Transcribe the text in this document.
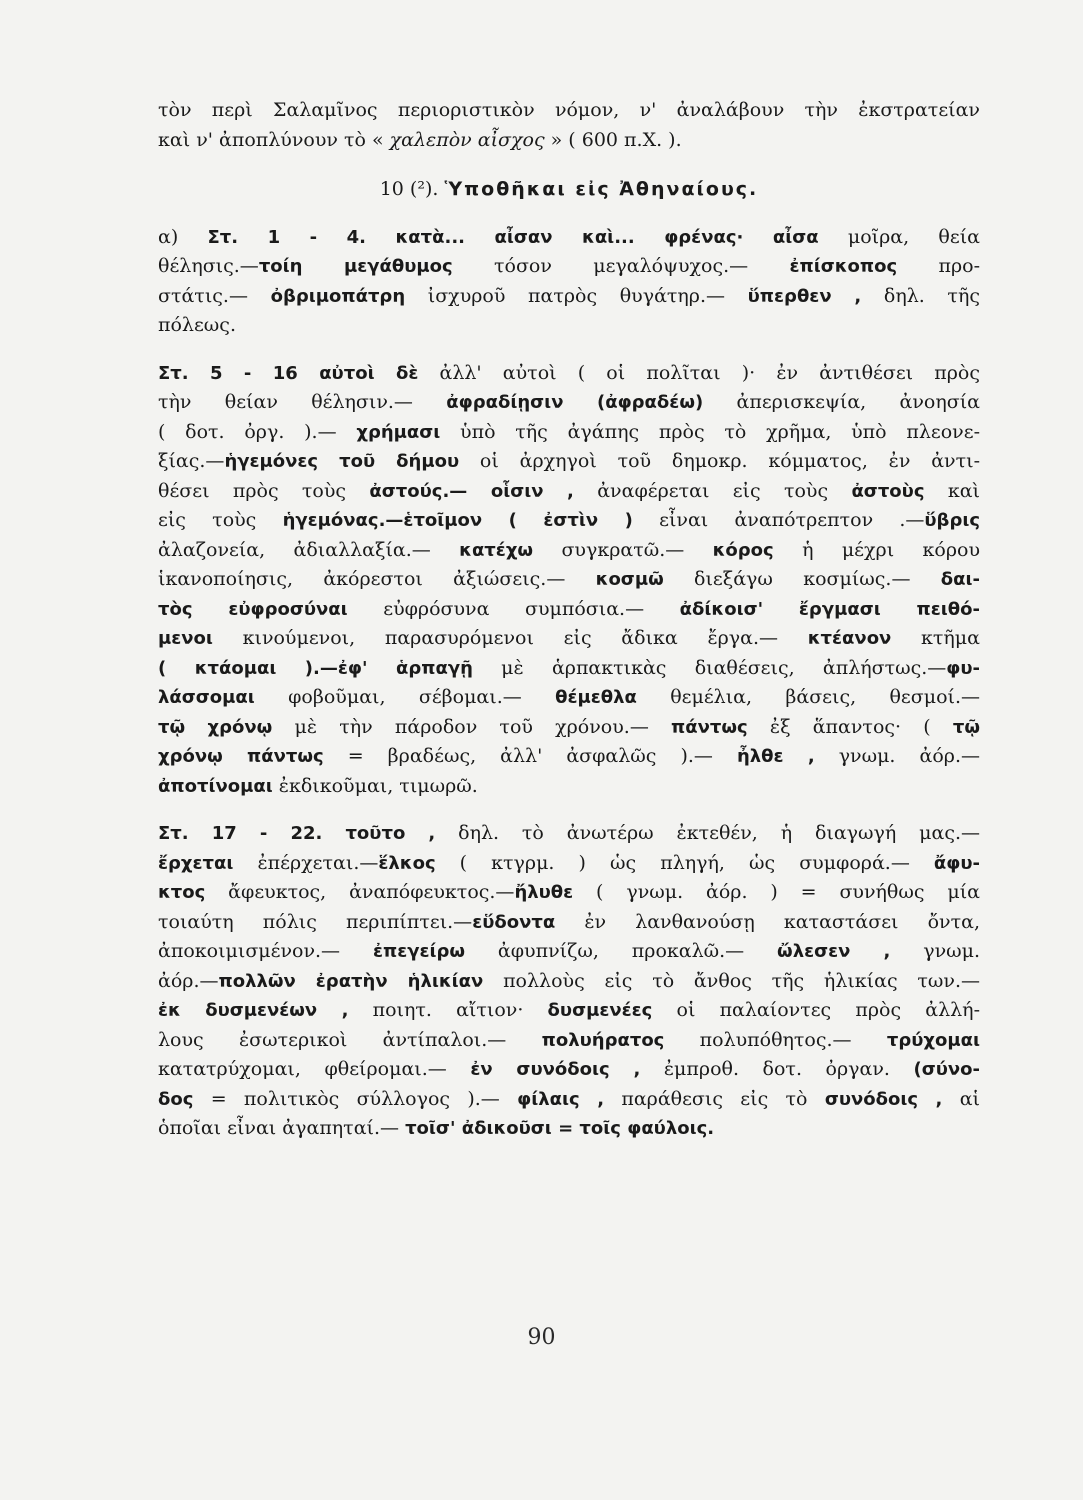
τὸν περὶ Σαλαμῖνος περιοριστικὸν νόμον, ν' ἀναλάβουν τὴν ἐκστρατείαν
καὶ ν' ἀποπλύνουν τὸ « χαλεπὸν αἶσχος » ( 600 π.Χ. ).
10 (²). Ὑποθῆκαι εἰς Ἀθηναίους.
α) Στ. 1 - 4. κατὰ... αἶσαν καὶ... φρένας· αἶσα μοῖρα, θεία
θέλησις.—τοίη μεγάθυμος τόσον μεγαλόψυχος.— ἐπίσκοπος προ-
στάτις.— ὀβριμοπάτρη ἰσχυροῦ πατρὸς θυγάτηρ.— ὕπερθεν , δηλ. τῆς
πόλεως.
Στ. 5 - 16 αὐτοὶ δὲ ἀλλ' αὐτοὶ ( οἱ πολῖται )· ἐν ἀντιθέσει πρὸς
τὴν θείαν θέλησιν.— ἀφραδίῃσιν (ἀφραδέω) ἀπερισκεψία, ἀνοησία
( δοτ. ὀργ. ).— χρήμασι ὑπὸ τῆς ἀγάπης πρὸς τὸ χρῆμα, ὑπὸ πλεονε-
ξίας.—ἡγεμόνες τοῦ δήμου οἱ ἀρχηγοὶ τοῦ δημοκρ. κόμματος, ἐν ἀντι-
θέσει πρὸς τοὺς ἀστούς.— οἷσιν , ἀναφέρεται εἰς τοὺς ἀστοὺς καὶ
εἰς τοὺς ἡγεμόνας.—ἑτοῖμον ( ἐστὶν ) εἶναι ἀναπότρεπτον .—ὕβρις
ἀλαζονεία, ἀδιαλλαξία.— κατέχω συγκρατῶ.— κόρος ἡ μέχρι κόρου
ἱκανοποίησις, ἀκόρεστοι ἀξιώσεις.— κοσμῶ διεξάγω κοσμίως.— δαι-
τὸς εὐφροσύναι εὐφρόσυνα συμπόσια.— ἀδίκοισ' ἔργμασι πειθό-
μενοι κινούμενοι, παρασυρόμενοι εἰς ἄδικα ἔργα.— κτέανον κτῆμα
( κτάομαι ).—ἐφ' ἁρπαγῇ μὲ ἁρπακτικὰς διαθέσεις, ἀπλήστως.—φυ-
λάσσομαι φοβοῦμαι, σέβομαι.— θέμεθλα θεμέλια, βάσεις, θεσμοί.—
τῷ χρόνῳ μὲ τὴν πάροδον τοῦ χρόνου.— πάντως ἐξ ἅπαντος· ( τῷ
χρόνῳ πάντως = βραδέως, ἀλλ' ἀσφαλῶς ).— ἦλθε , γνωμ. ἀόρ.—
ἀποτίνομαι ἐκδικοῦμαι, τιμωρῶ.
Στ. 17 - 22. τοῦτο , δηλ. τὸ ἀνωτέρω ἐκτεθέν, ἡ διαγωγή μας.—
ἔρχεται ἐπέρχεται.—ἕλκος ( κτγρμ. ) ὡς πληγή, ὡς συμφορά.— ἄφυ-
κτος ἄφευκτος, ἀναπόφευκτος.—ἤλυθε ( γνωμ. ἀόρ. ) = συνήθως μία
τοιαύτη πόλις περιπίπτει.—εὕδοντα ἐν λανθανούσῃ καταστάσει ὄντα,
ἀποκοιμισμένον.— ἐπεγείρω ἀφυπνίζω, προκαλῶ.— ὤλεσεν , γνωμ.
ἀόρ.—πολλῶν ἐρατὴν ἡλικίαν πολλοὺς εἰς τὸ ἄνθος τῆς ἡλικίας των.—
ἐκ δυσμενέων , ποιητ. αἴτιον· δυσμενέες οἱ παλαίοντες πρὸς ἀλλή-
λους ἐσωτερικοὶ ἀντίπαλοι.— πολυήρατος πολυπόθητος.— τρύχομαι
κατατρύχομαι, φθείρομαι.— ἐν συνόδοις , ἐμπροθ. δοτ. ὀργαν. (σύνο-
δος = πολιτικὸς σύλλογος ).— φίλαις , παράθεσις εἰς τὸ συνόδοις , αἱ
ὁποῖαι εἶναι ἀγαπηταί.— τοῖσ' ἀδικοῦσι = τοῖς φαύλοις.
90
